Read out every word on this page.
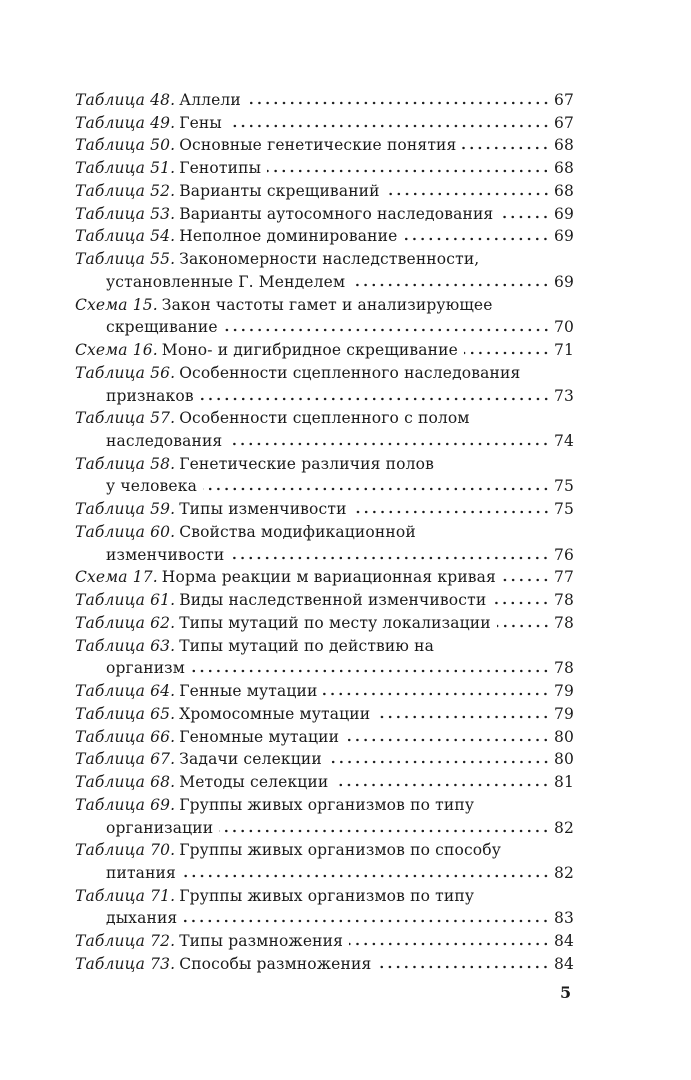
Таблица 48. Аллели	67
Таблица 49. Гены	67
Таблица 50. Основные генетические понятия	68
Таблица 51. Генотипы	68
Таблица 52. Варианты скрещиваний	68
Таблица 53. Варианты аутосомного наследования	69
Таблица 54. Неполное доминирование	69
Таблица 55. Закономерности наследственности,
установленные Г. Менделем	69
Схема 15. Закон частоты гамет и анализирующее
скрещивание	70
Схема 16. Моно- и дигибридное скрещивание	71
Таблица 56. Особенности сцепленного наследования
признаков	73
Таблица 57. Особенности сцепленного с полом
наследования	74
Таблица 58. Генетические различия полов
у человека	75
Таблица 59. Типы изменчивости	75
Таблица 60. Свойства модификационной
изменчивости	76
Схема 17. Норма реакции м вариационная кривая	77
Таблица 61. Виды наследственной изменчивости	78
Таблица 62. Типы мутаций по месту локализации	78
Таблица 63. Типы мутаций по действию на
организм	78
Таблица 64. Генные мутации	79
Таблица 65. Хромосомные мутации	79
Таблица 66. Геномные мутации	80
Таблица 67. Задачи селекции	80
Таблица 68. Методы селекции	81
Таблица 69. Группы живых организмов по типу
организации	82
Таблица 70. Группы живых организмов по способу
питания	82
Таблица 71. Группы живых организмов по типу
дыхания	83
Таблица 72. Типы размножения	84
Таблица 73. Способы размножения	84
5
